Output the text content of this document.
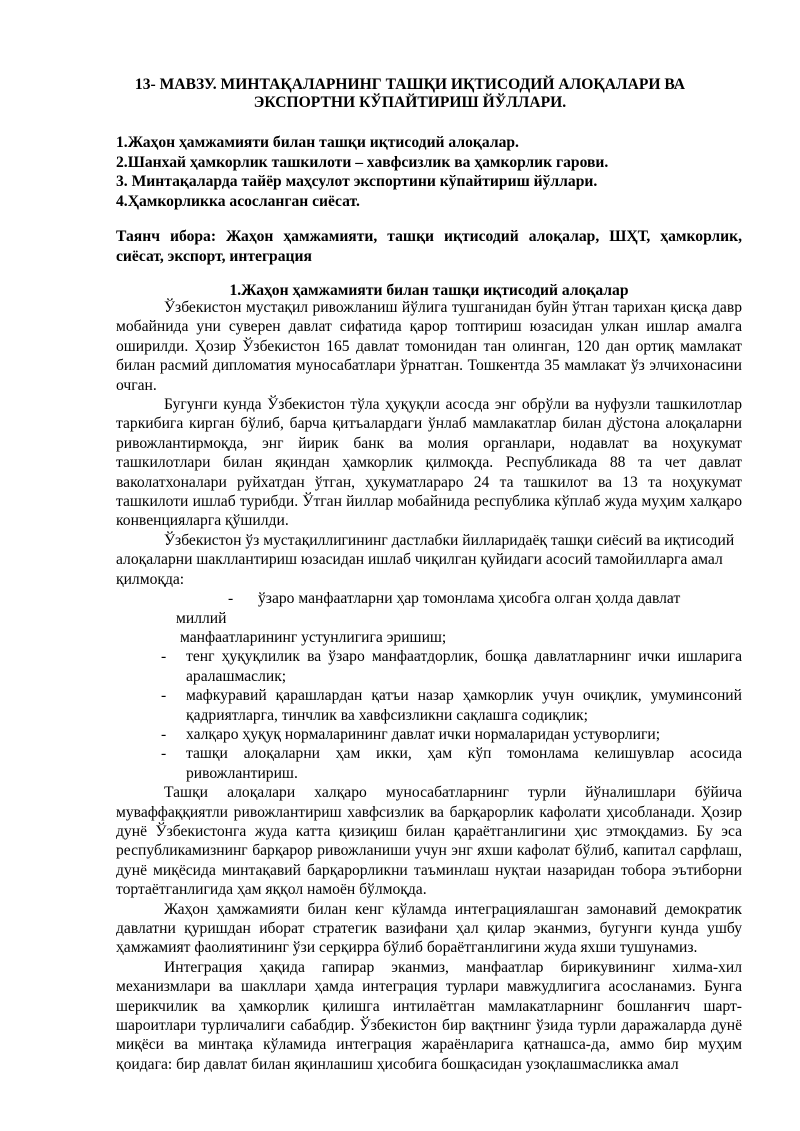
13- МАВЗУ. МИНТАҚАЛАРНИНГ ТАШҚИ ИҚТИСОДИЙ АЛОҚАЛАРИ ВА
ЭКСПОРТНИ КЎПАЙТИРИШ ЙЎЛЛАРИ.
1.Жаҳон ҳамжамияти билан ташқи иқтисодий алоқалар.
2.Шанхай ҳамкорлик ташкилоти – хавфсизлик ва ҳамкорлик гарови.
3. Минтақаларда тайёр маҳсулот экспортини кўпайтириш йўллари.
4.Ҳамкорликка асосланган сиёсат.
Таянч ибора: Жаҳон ҳамжамияти, ташқи иқтисодий алоқалар, ШҲТ, ҳамкорлик, сиёсат, экспорт, интеграция
1.Жаҳон ҳамжамияти билан ташқи иқтисодий алоқалар

Ўзбекистон мустақил ривожланиш йўлига тушганидан буйн ўтган тарихан қисқа давр мобайнида уни суверен давлат сифатида қарор топтириш юзасидан улкан ишлар амалга оширилди. Ҳозир Ўзбекистон 165 давлат томонидан тан олинган, 120 дан ортиқ мамлакат билан расмий дипломатия муносабатлари ўрнатган. Тошкентда 35 мамлакат ўз элчихонасини очган.

Бугунги кунда Ўзбекистон тўла ҳуқуқли асосда энг обрўли ва нуфузли ташкилотлар таркибига кирган бўлиб, барча қитъалардаги ўнлаб мамлакатлар билан дўстона алоқаларни ривожлантирмоқда, энг йирик банк ва молия органлари, нодавлат ва ноҳукумат ташкилотлари билан яқиндан ҳамкорлик қилмоқда. Республикада 88 та чет давлат ваколатхоналари руйхатдан ўтган, ҳукуматлараро 24 та ташкилот ва 13 та ноҳукумат ташкилоти ишлаб турибди. Ўтган йиллар мобайнида республика кўплаб жуда муҳим халқаро конвенцияларга қўшилди.

Ўзбекистон ўз мустақиллигининг дастлабки йилларидаёқ ташқи сиёсий ва иқтисодий алоқаларни шакллантириш юзасидан ишлаб чиқилган қуйидаги асосий тамойилларга амал қилмоқда:

- ўзаро манфаатларни ҳар томонлама ҳисобга олган ҳолда давлат
миллий
манфаатларининг устунлигига эришиш;
- тенг ҳуқуқлилик ва ўзаро манфаатдорлик, бошқа давлатларнинг ички ишларига аралашмаслик;
- мафкуравий қарашлардан қатъи назар ҳамкорлик учун очиқлик, умуминсоний қадриятларга, тинчлик ва хавфсизликни сақлашга содиқлик;
- халқаро ҳуқуқ нормаларининг давлат ички нормаларидан устуворлиги;
- ташқи алоқаларни ҳам икки, ҳам кўп томонлама келишувлар асосида ривожлантириш.

Ташқи алоқалари халқаро муносабатларнинг турли йўналишлари бўйича муваффаққиятли ривожлантириш хавфсизлик ва барқарорлик кафолати ҳисобланади. Ҳозир дунё Ўзбекистонга жуда катта қизиқиш билан қараётганлигини ҳис этмоқдамиз. Бу эса республикамизнинг барқарор ривожланиши учун энг яхши кафолат бўлиб, капитал сарфлаш, дунё миқёсида минтақавий барқарорликни таъминлаш нуқтаи назаридан тобора эътиборни тортаётганлигида ҳам яққол намоён бўлмоқда.

Жаҳон ҳамжамияти билан кенг кўламда интеграциялашган замонавий демократик давлатни қуришдан иборат стратегик вазифани ҳал қилар эканмиз, бугунги кунда ушбу ҳамжамият фаолиятининг ўзи серқирра бўлиб бораётганлигини жуда яхши тушунамиз.

Интеграция ҳақида гапирар эканмиз, манфаатлар бирикувининг хилма-хил механизмлари ва шакллари ҳамда интеграция турлари мавжудлигига асосланамиз. Бунга шерикчилик ва ҳамкорлик қилишга интилаётган мамлакатларнинг бошланғич шарт-шароитлари турличалиги сабабдир. Ўзбекистон бир вақтнинг ўзида турли даражаларда дунё миқёси ва минтақа кўламида интеграция жараёнларига қатнашса-да, аммо бир муҳим қоидага: бир давлат билан яқинлашиш ҳисобига бошқасидан узоқлашмасликка амал
